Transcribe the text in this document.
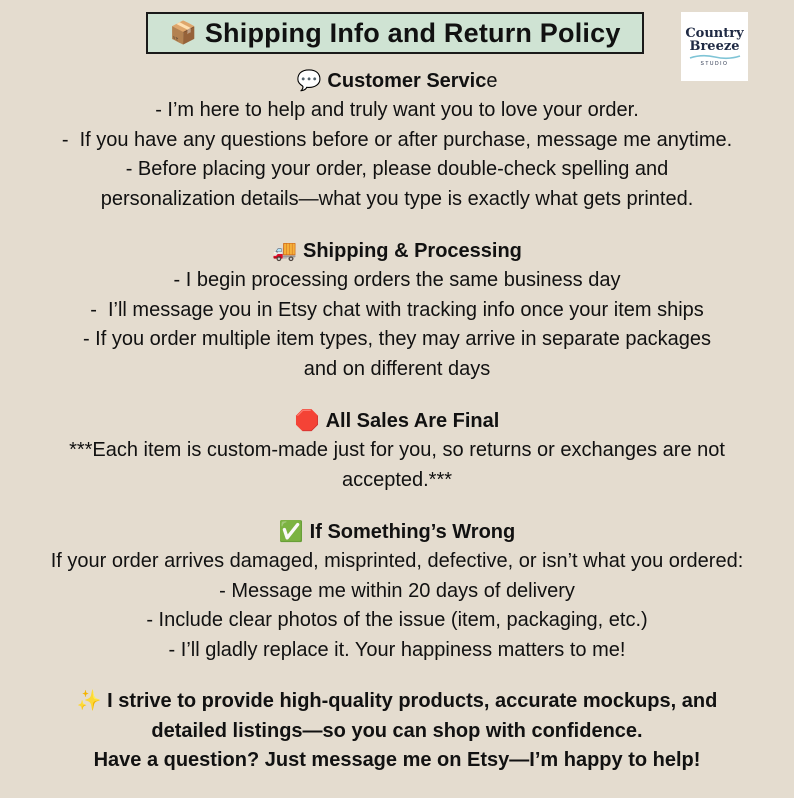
📦 Shipping Info and Return Policy	Country
Breeze
STUDIO
💬 Customer Service
- I’m here to help and truly want you to love your order.
-  If you have any questions before or after purchase, message me anytime.
- Before placing your order, please double-check spelling and
personalization details—what you type is exactly what gets printed.
🚚 Shipping & Processing
- I begin processing orders the same business day
-  I’ll message you in Etsy chat with tracking info once your item ships
- If you order multiple item types, they may arrive in separate packages
and on different days
🛑 All Sales Are Final
***Each item is custom-made just for you, so returns or exchanges are not
accepted.***
✅ If Something’s Wrong
If your order arrives damaged, misprinted, defective, or isn’t what you ordered:
- Message me within 20 days of delivery
- Include clear photos of the issue (item, packaging, etc.)
- I’ll gladly replace it. Your happiness matters to me!
✨ I strive to provide high-quality products, accurate mockups, and
detailed listings—so you can shop with confidence.
Have a question? Just message me on Etsy—I’m happy to help!
